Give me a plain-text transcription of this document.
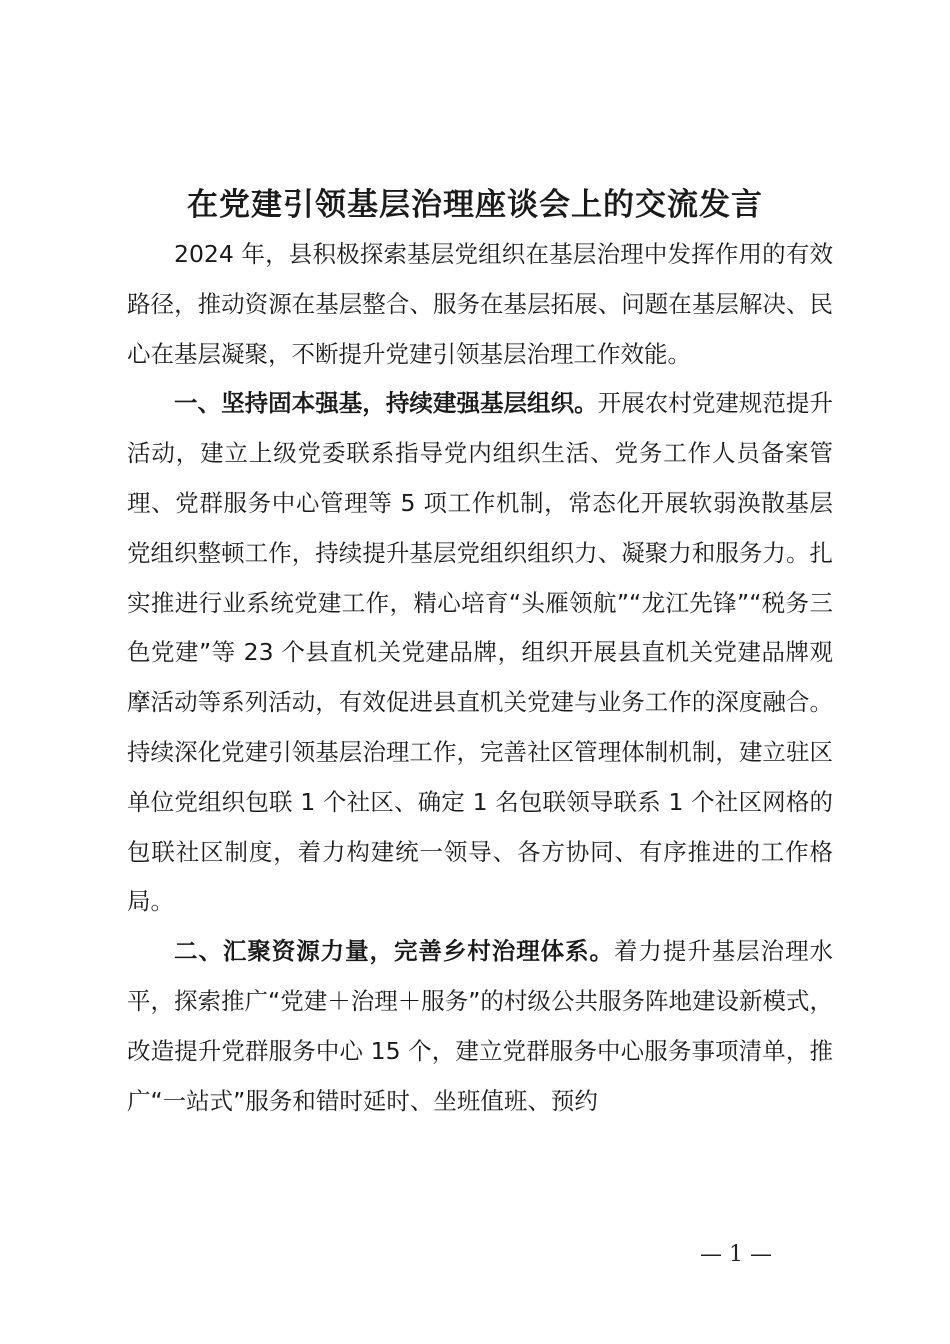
在党建引领基层治理座谈会上的交流发言

2024 年，县积极探索基层党组织在基层治理中发挥作用的有效路径，推动资源在基层整合、服务在基层拓展、问题在基层解决、民心在基层凝聚，不断提升党建引领基层治理工作效能。

一、坚持固本强基，持续建强基层组织。开展农村党建规范提升活动，建立上级党委联系指导党内组织生活、党务工作人员备案管理、党群服务中心管理等 5 项工作机制，常态化开展软弱涣散基层党组织整顿工作，持续提升基层党组织组织力、凝聚力和服务力。扎实推进行业系统党建工作，精心培育“头雁领航”“龙江先锋”“税务三色党建”等 23 个县直机关党建品牌，组织开展县直机关党建品牌观摩活动等系列活动，有效促进县直机关党建与业务工作的深度融合。持续深化党建引领基层治理工作，完善社区管理体制机制，建立驻区单位党组织包联 1 个社区、确定 1 名包联领导联系 1 个社区网格的包联社区制度，着力构建统一领导、各方协同、有序推进的工作格局。

二、汇聚资源力量，完善乡村治理体系。着力提升基层治理水平，探索推广“党建＋治理＋服务”的村级公共服务阵地建设新模式，改造提升党群服务中心 15 个，建立党群服务中心服务事项清单，推广“一站式”服务和错时延时、坐班值班、预约

— 1 —
